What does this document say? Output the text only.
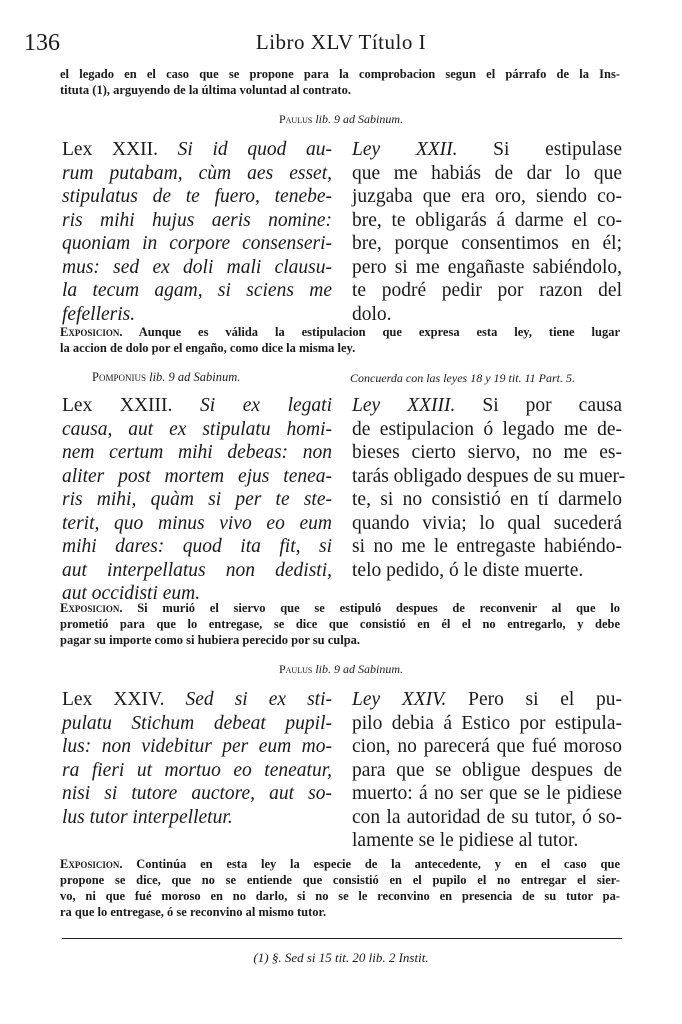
136	Libro XLV Título I
el legado en el caso que se propone para la comprobacion segun el párrafo de la Ins-
tituta (1), arguyendo de la última voluntad al contrato.
Paulus lib. 9 ad Sabinum.
Lex XXII. Si id quod au-
rum putabam, cùm aes esset,
stipulatus de te fuero, tenebe-
ris mihi hujus aeris nomine:
quoniam in corpore consenseri-
mus: sed ex doli mali clausu-
la tecum agam, si sciens me
fefelleris.
Ley XXII. Si estipulase
que me habiás de dar lo que
juzgaba que era oro, siendo co-
bre, te obligarás á darme el co-
bre, porque consentimos en él;
pero si me engañaste sabiéndolo,
te podré pedir por razon del
dolo.
Exposicion. Aunque es válida la estipulacion que expresa esta ley, tiene lugar
la accion de dolo por el engaño, como dice la misma ley.
Pomponius lib. 9 ad Sabinum.	Concuerda con las leyes 18 y 19 tit. 11 Part. 5.
Lex XXIII. Si ex legati
causa, aut ex stipulatu homi-
nem certum mihi debeas: non
aliter post mortem ejus tenea-
ris mihi, quàm si per te ste-
terit, quo minus vivo eo eum
mihi dares: quod ita fit, si
aut interpellatus non dedisti,
aut occidisti eum.
Ley XXIII. Si por causa
de estipulacion ó legado me de-
bieses cierto siervo, no me es-
tarás obligado despues de su muer-
te, si no consistió en tí darmelo
quando vivia; lo qual sucederá
si no me le entregaste habiéndo-
telo pedido, ó le diste muerte.
Exposicion. Si murió el siervo que se estipuló despues de reconvenir al que lo
prometió para que lo entregase, se dice que consistió en él el no entregarlo, y debe
pagar su importe como si hubiera perecido por su culpa.
Paulus lib. 9 ad Sabinum.
Lex XXIV. Sed si ex sti-
pulatu Stichum debeat pupil-
lus: non videbitur per eum mo-
ra fieri ut mortuo eo teneatur,
nisi si tutore auctore, aut so-
lus tutor interpelletur.
Ley XXIV. Pero si el pu-
pilo debia á Estico por estipula-
cion, no parecerá que fué moroso
para que se obligue despues de
muerto: á no ser que se le pidiese
con la autoridad de su tutor, ó so-
lamente se le pidiese al tutor.
Exposicion. Continúa en esta ley la especie de la antecedente, y en el caso que
propone se dice, que no se entiende que consistió en el pupilo el no entregar el sier-
vo, ni que fué moroso en no darlo, si no se le reconvino en presencia de su tutor pa-
ra que lo entregase, ó se reconvino al mismo tutor.
(1) §. Sed si 15 tit. 20 lib. 2 Instit.
